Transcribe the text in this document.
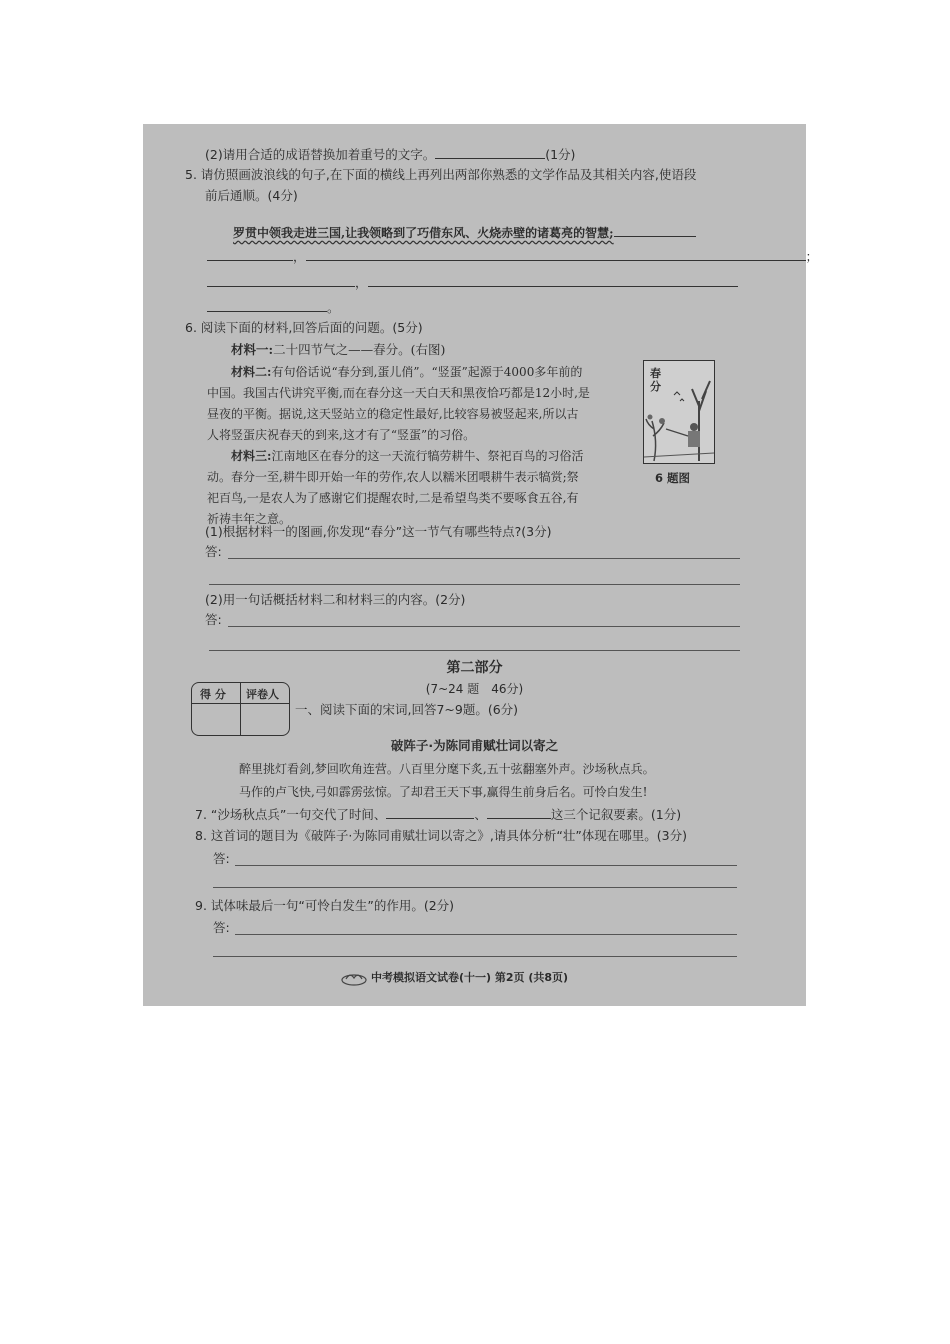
(2)请用合适的成语替换加着重号的文字。	(1分)
5. 请仿照画波浪线的句子,在下面的横线上再列出两部你熟悉的文学作品及其相关内容,使语段
前后通顺。(4分)
罗贯中领我走进三国,让我领略到了巧借东风、火烧赤壁的诸葛亮的智慧;
，	；
，
。
6. 阅读下面的材料,回答后面的问题。(5分)
材料一:二十四节气之——春分。(右图)
材料二:有句俗话说“春分到,蛋儿俏”。“竖蛋”起源于4000多年前的
中国。我国古代讲究平衡,而在春分这一天白天和黑夜恰巧都是12小时,是
昼夜的平衡。据说,这天竖站立的稳定性最好,比较容易被竖起来,所以古
人将竖蛋庆祝春天的到来,这才有了“竖蛋”的习俗。
材料三:江南地区在春分的这一天流行犒劳耕牛、祭祀百鸟的习俗活
动。春分一至,耕牛即开始一年的劳作,农人以糯米团喂耕牛表示犒赏;祭
祀百鸟,一是农人为了感谢它们提醒农时,二是希望鸟类不要啄食五谷,有
祈祷丰年之意。
春分
6 题图
(1)根据材料一的图画,你发现“春分”这一节气有哪些特点?(3分)
答:
(2)用一句话概括材料二和材料三的内容。(2分)
答:
第二部分
(7~24 题　46分)
得 分 评卷人
一、阅读下面的宋词,回答7~9题。(6分)
破阵子·为陈同甫赋壮词以寄之
醉里挑灯看剑,梦回吹角连营。八百里分麾下炙,五十弦翻塞外声。沙场秋点兵。
马作的卢飞快,弓如霹雳弦惊。了却君王天下事,赢得生前身后名。可怜白发生!
7. “沙场秋点兵”一句交代了时间、	、	这三个记叙要素。(1分)
8. 这首词的题目为《破阵子·为陈同甫赋壮词以寄之》,请具体分析“壮”体现在哪里。(3分)
答:
9. 试体味最后一句“可怜白发生”的作用。(2分)
答:
中考模拟语文试卷(十一) 第2页 (共8页)
